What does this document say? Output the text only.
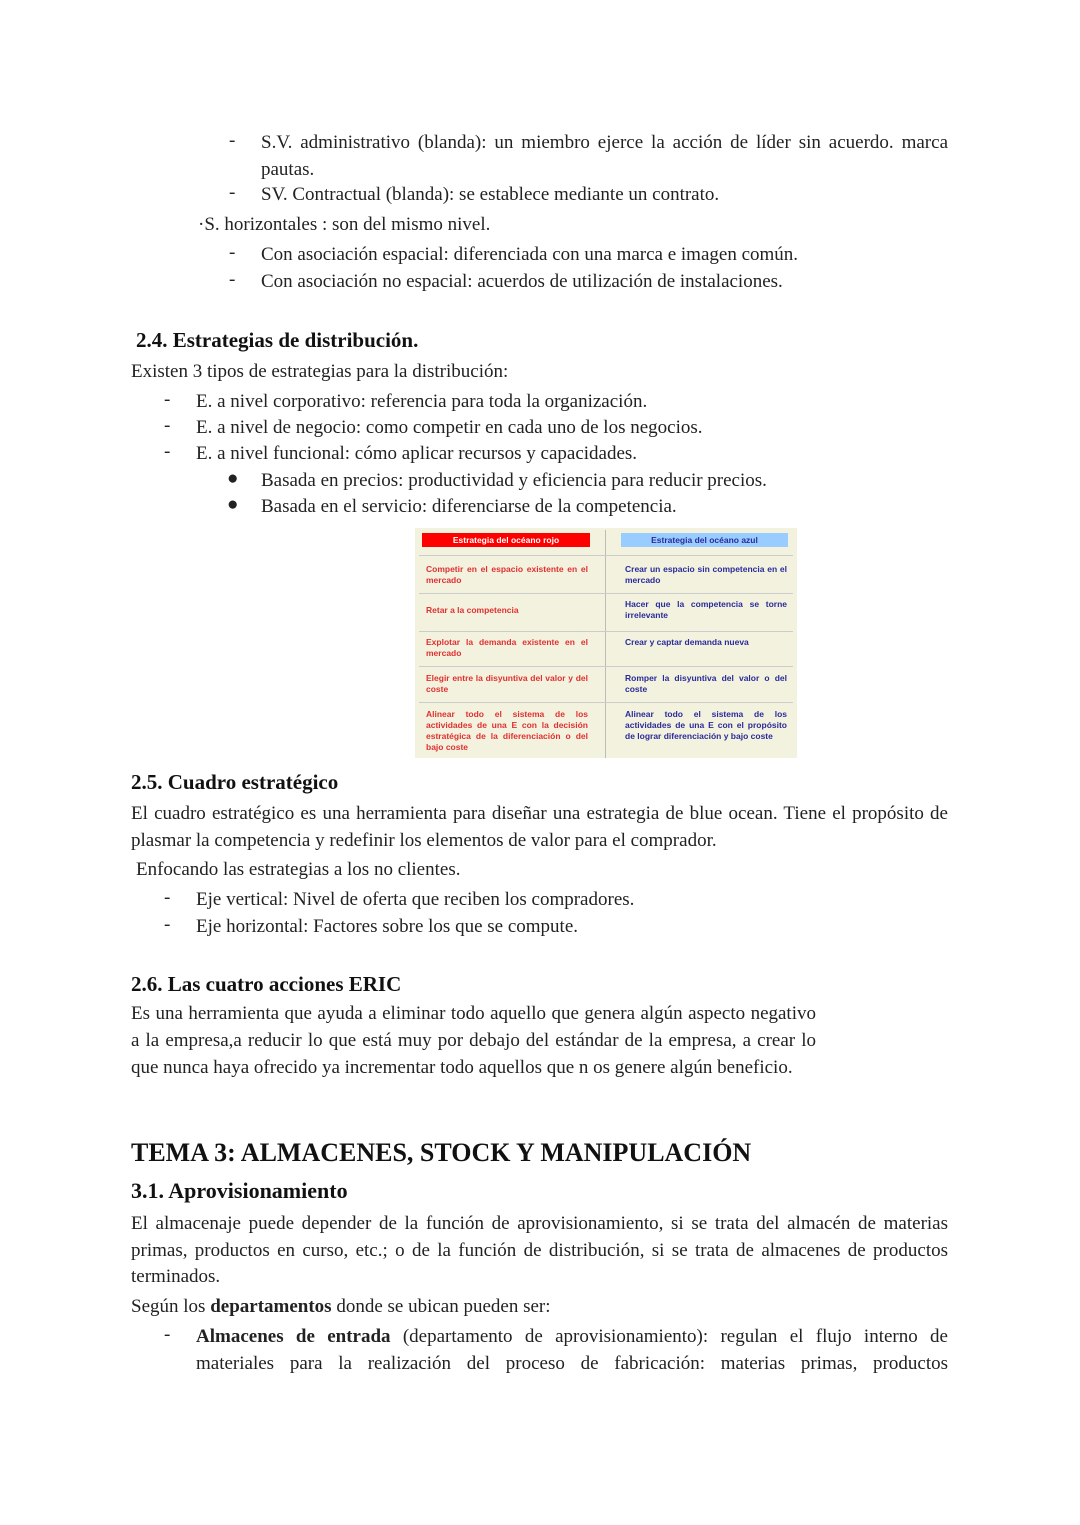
- S.V. administrativo (blanda): un miembro ejerce la acción de líder sin acuerdo. marca pautas.
- SV. Contractual (blanda): se establece mediante un contrato.
·S. horizontales : son del mismo nivel.
- Con asociación espacial: diferenciada con una marca e imagen común.
- Con asociación no espacial: acuerdos de utilización de instalaciones.
2.4. Estrategias de distribución.
Existen 3 tipos de estrategias para la distribución:
- E. a nivel corporativo: referencia para toda la organización.
- E. a nivel de negocio: como competir en cada uno de los negocios.
- E. a nivel funcional: cómo aplicar recursos y capacidades.
● Basada en precios: productividad y eficiencia para reducir precios.
● Basada en el servicio: diferenciarse de la competencia.
Estrategia del océano rojo	Estrategia del océano azul
Competir en el espacio existente en el mercado
Crear un espacio sin competencia en el mercado
Retar a la competencia
Hacer que la competencia se torne irrelevante
Explotar la demanda existente en el mercado
Crear y captar demanda nueva
Elegir entre la disyuntiva del valor y del coste
Romper la disyuntiva del valor o del coste
Alinear todo el sistema de los actividades de una E con la decisión estratégica de la diferenciación o del bajo coste
Alinear todo el sistema de los actividades de una E con el propósito de lograr diferenciación y bajo coste
2.5. Cuadro estratégico
El cuadro estratégico es una herramienta para diseñar una estrategia de blue ocean. Tiene el propósito de plasmar la competencia y redefinir los elementos de valor para el comprador.
Enfocando las estrategias a los no clientes.
- Eje vertical: Nivel de oferta que reciben los compradores.
- Eje horizontal: Factores sobre los que se compute.
2.6. Las cuatro acciones ERIC
Es una herramienta que ayuda a eliminar todo aquello que genera algún aspecto negativo a la empresa,a reducir lo que está muy por debajo del estándar de la empresa, a crear lo que nunca haya ofrecido ya incrementar todo aquellos que n os genere algún beneficio.
TEMA 3: ALMACENES, STOCK Y MANIPULACIÓN
3.1. Aprovisionamiento
El almacenaje puede depender de la función de aprovisionamiento, si se trata del almacén de materias primas, productos en curso, etc.; o de la función de distribución, si se trata de almacenes de productos terminados.
Según los departamentos donde se ubican pueden ser:
- Almacenes de entrada (departamento de aprovisionamiento): regulan el flujo interno de materiales para la realización del proceso de fabricación: materias primas, productos
